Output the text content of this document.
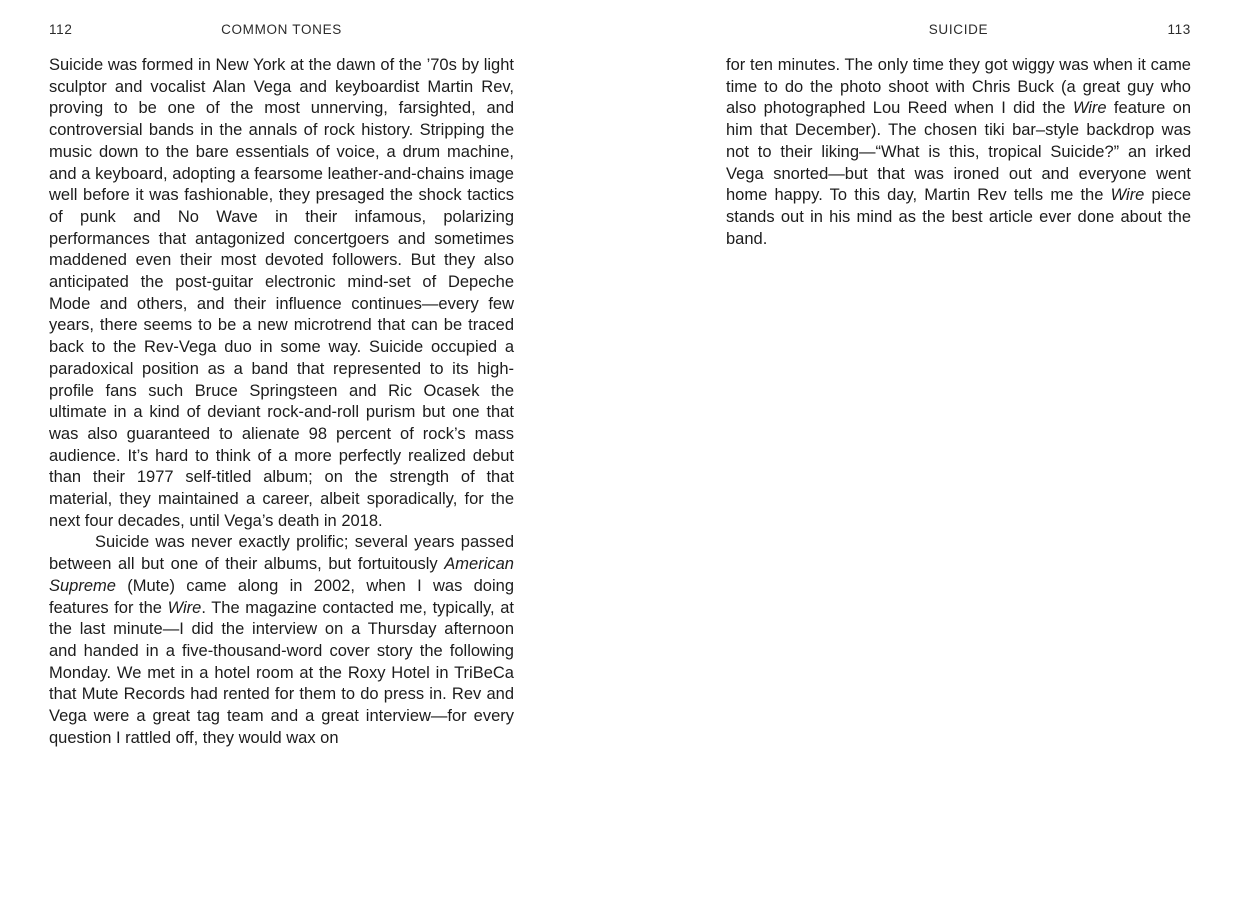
112	COMMON TONES

Suicide was formed in New York at the dawn of the ’70s by light sculptor and vocalist Alan Vega and keyboardist Martin Rev, proving to be one of the most unnerving, farsighted, and controversial bands in the annals of rock history. Stripping the music down to the bare essentials of voice, a drum machine, and a keyboard, adopting a fearsome leather-and-chains image well before it was fashionable, they presaged the shock tactics of punk and No Wave in their infamous, polarizing performances that antagonized concertgoers and sometimes maddened even their most devoted followers. But they also anticipated the post-guitar electronic mind-set of Depeche Mode and others, and their influence continues—every few years, there seems to be a new microtrend that can be traced back to the Rev-Vega duo in some way. Suicide occupied a paradoxical position as a band that represented to its high-profile fans such Bruce Springsteen and Ric Ocasek the ultimate in a kind of deviant rock-and-roll purism but one that was also guaranteed to alienate 98 percent of rock’s mass audience. It’s hard to think of a more perfectly realized debut than their 1977 self-titled album; on the strength of that material, they maintained a career, albeit sporadically, for the next four decades, until Vega’s death in 2018.

Suicide was never exactly prolific; several years passed between all but one of their albums, but fortuitously American Supreme (Mute) came along in 2002, when I was doing features for the Wire. The magazine contacted me, typically, at the last minute—I did the interview on a Thursday afternoon and handed in a five-thousand-word cover story the following Monday. We met in a hotel room at the Roxy Hotel in TriBeCa that Mute Records had rented for them to do press in. Rev and Vega were a great tag team and a great interview—for every question I rattled off, they would wax on

113
SUICIDE

for ten minutes. The only time they got wiggy was when it came time to do the photo shoot with Chris Buck (a great guy who also photographed Lou Reed when I did the Wire feature on him that December). The chosen tiki bar–style backdrop was not to their liking—“What is this, tropical Suicide?” an irked Vega snorted—but that was ironed out and everyone went home happy. To this day, Martin Rev tells me the Wire piece stands out in his mind as the best article ever done about the band.
